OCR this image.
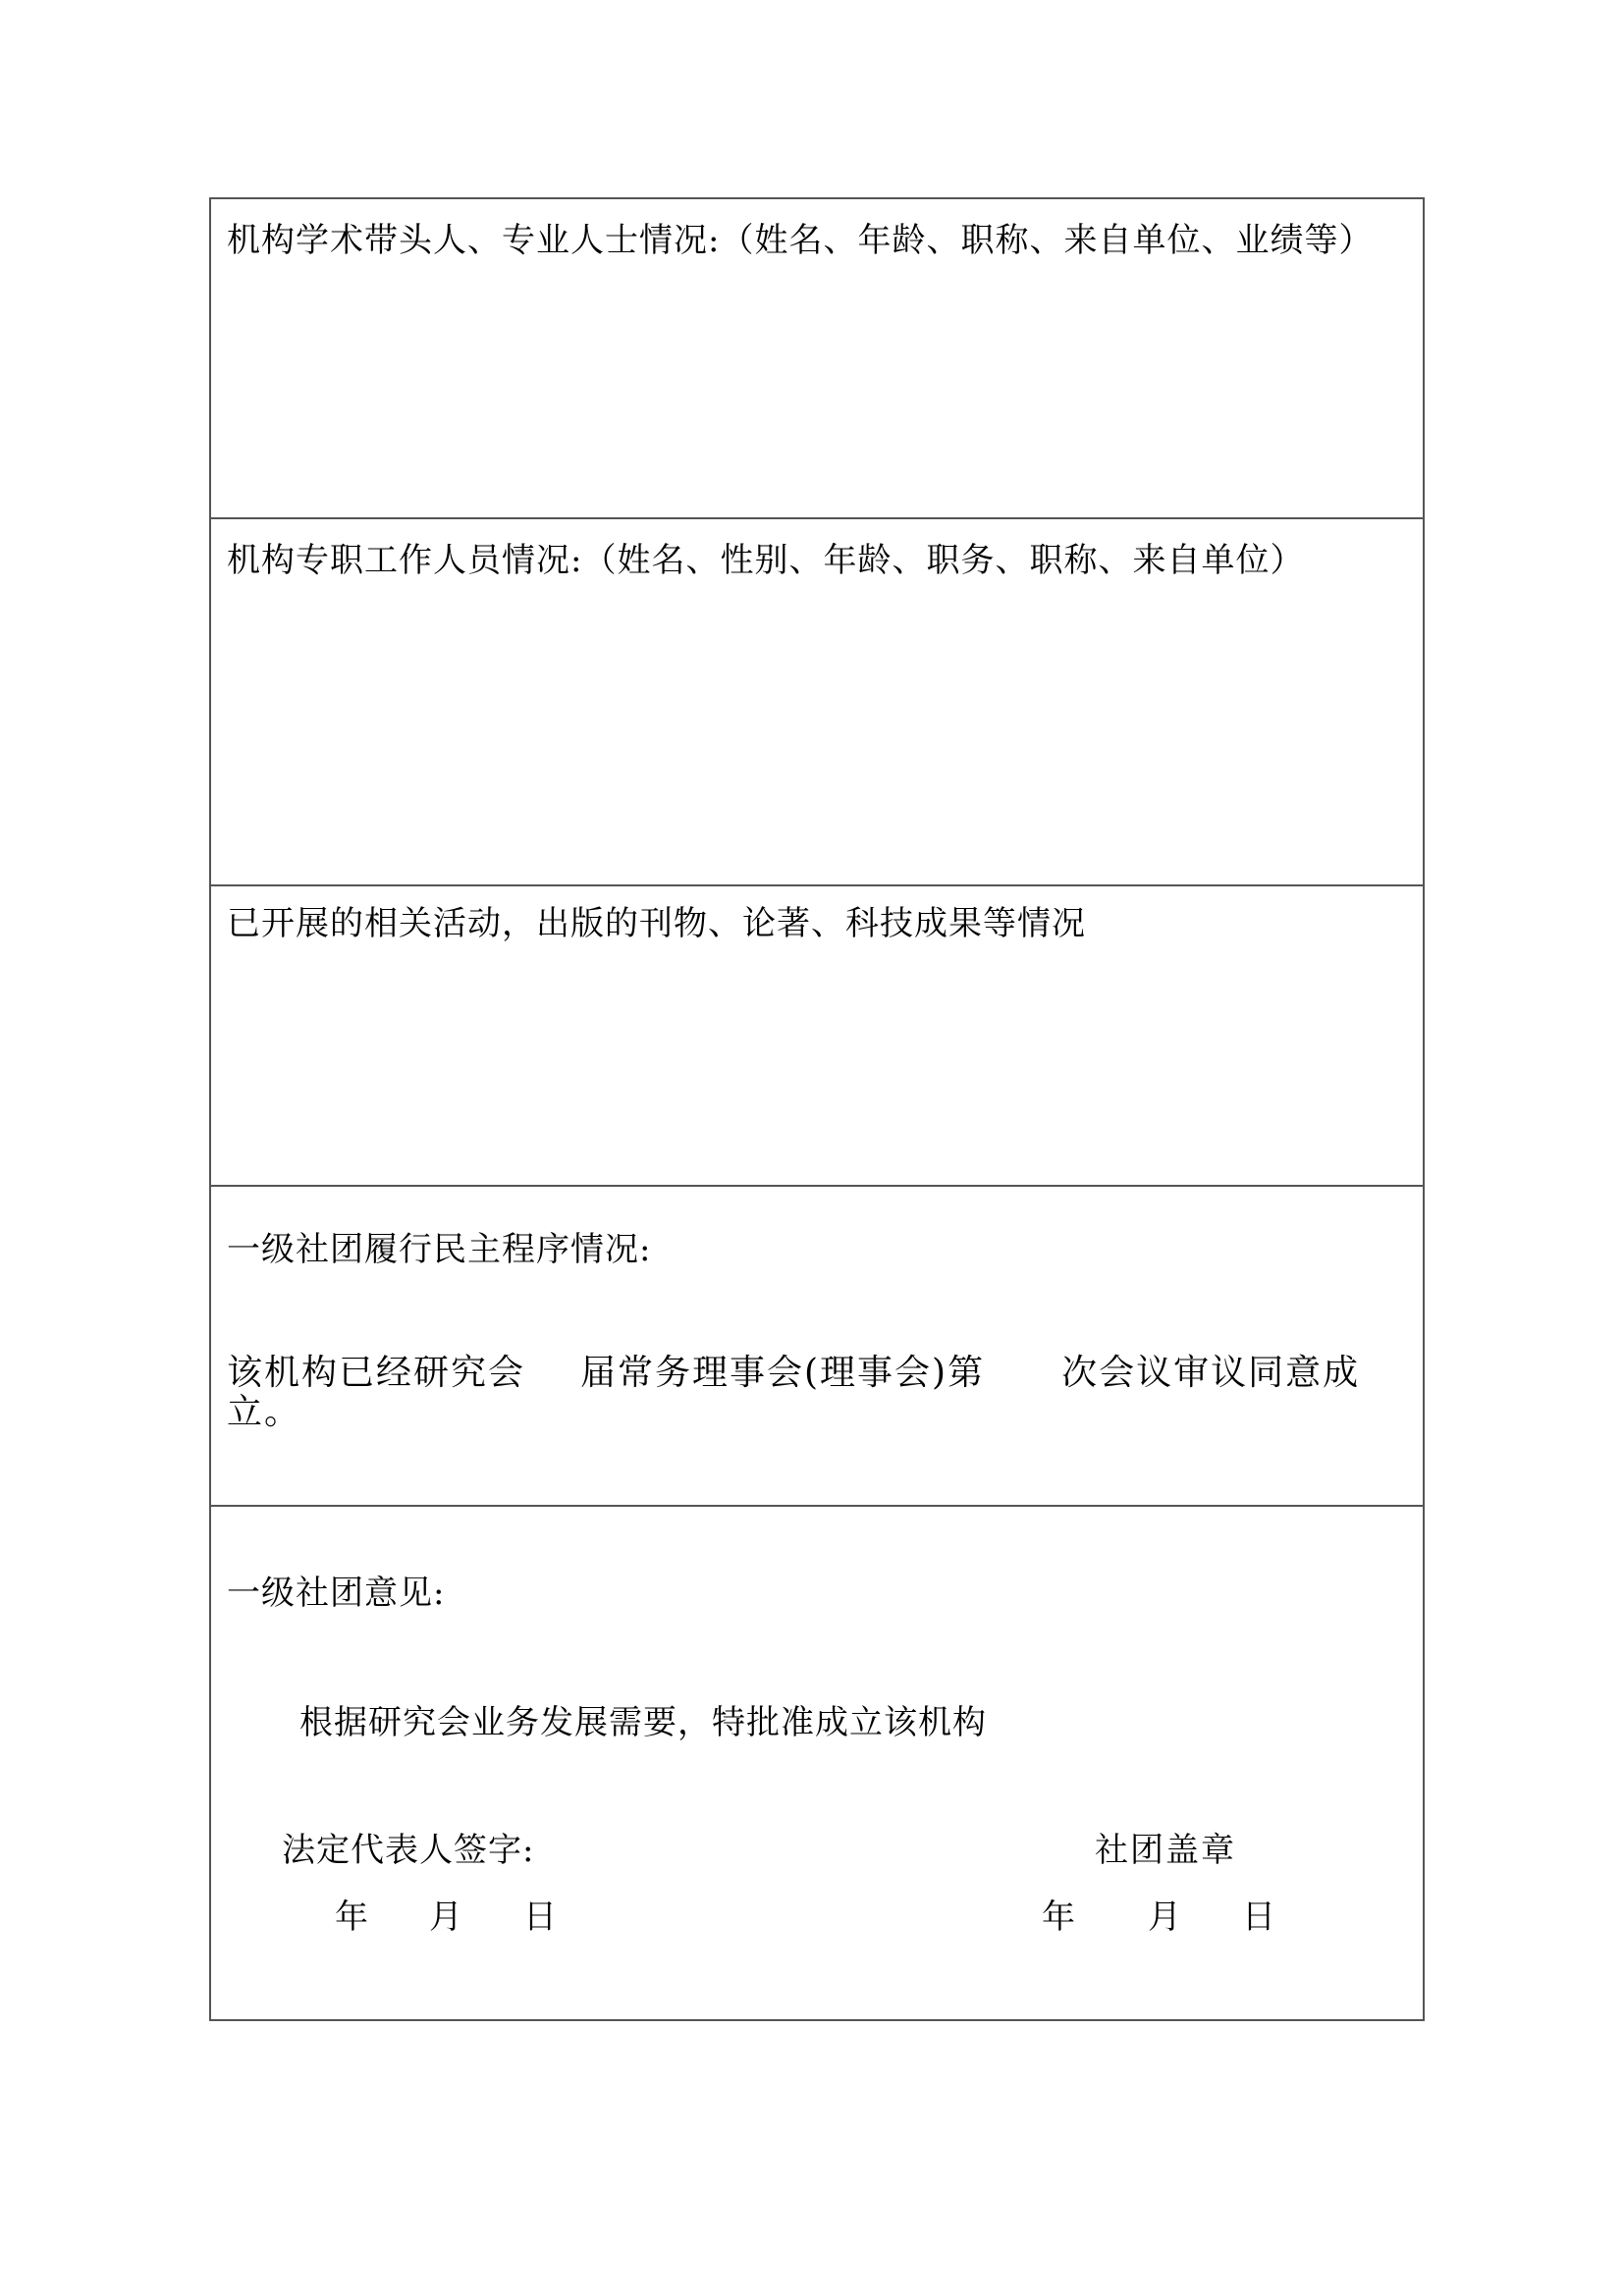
机构学术带头人、专业人士情况:（姓名、年龄、职称、来自单位、业绩等）
机构专职工作人员情况:（姓名、性别、年龄、职务、职称、来自单位）
已开展的相关活动，出版的刊物、论著、科技成果等情况
一级社团履行民主程序情况:
该机构已经研究会 届常务理事会(理事会)第 次会议审议同意成立。
一级社团意见:
根据研究会业务发展需要，特批准成立该机构
法定代表人签字:	社团盖章
年 月 日	年 月 日
